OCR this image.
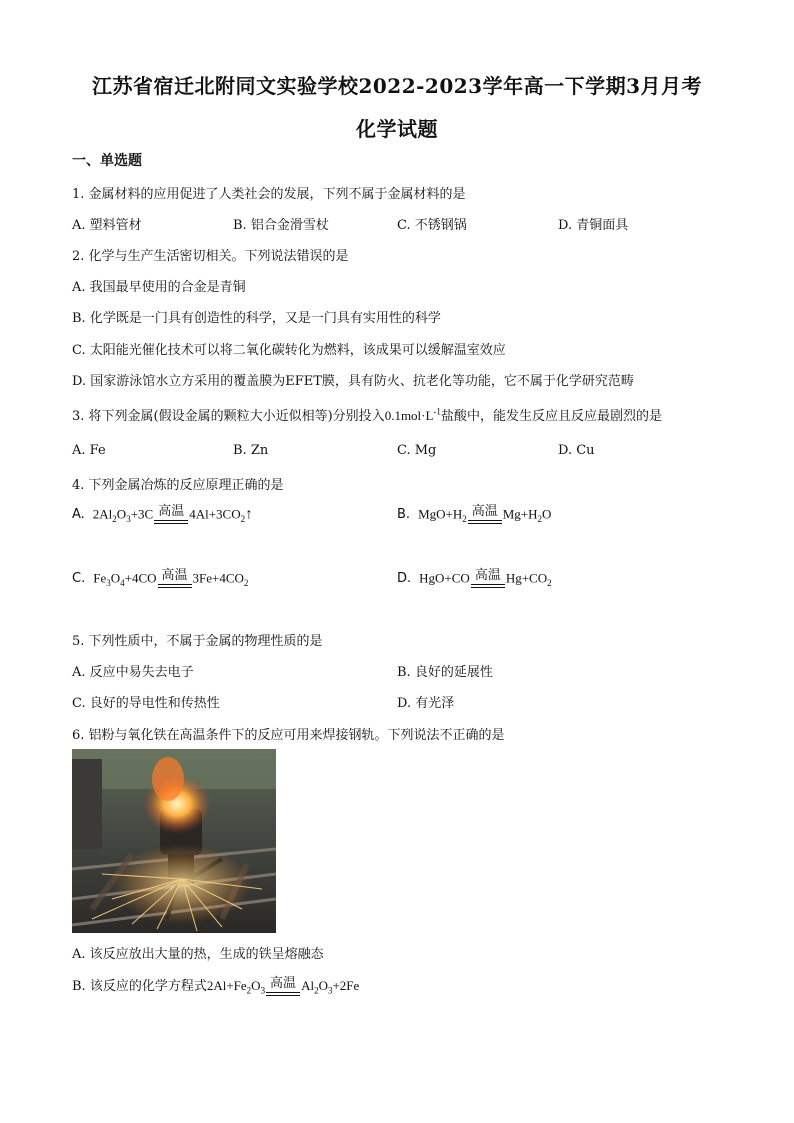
江苏省宿迁北附同文实验学校2022-2023学年高一下学期3月月考
化学试题
一、单选题
1. 金属材料的应用促进了人类社会的发展，下列不属于金属材料的是
A. 塑料管材	B. 铝合金滑雪杖	C. 不锈钢锅	D. 青铜面具
2. 化学与生产生活密切相关。下列说法错误的是
A. 我国最早使用的合金是青铜
B. 化学既是一门具有创造性的科学，又是一门具有实用性的科学
C. 太阳能光催化技术可以将二氧化碳转化为燃料，该成果可以缓解温室效应
D. 国家游泳馆水立方采用的覆盖膜为EFET膜，具有防火、抗老化等功能，它不属于化学研究范畴
3. 将下列金属(假设金属的颗粒大小近似相等)分别投入$0.1mol\cdot L^{-1}$盐酸中，能发生反应且反应最剧烈的是
A. Fe	B. Zn	C. Mg	D. Cu
4. 下列金属冶炼的反应原理正确的是
A. $2Al_2O_3+3C$ 高温 $4Al+3CO_2↑$	B. $MgO+H_2$ 高温 $Mg+H_2O$
C. $Fe_3O_4+4CO$ 高温 $3Fe+4CO_2$	D. HgO+CO 高温 $Hg+CO_2$
5. 下列性质中，不属于金属的物理性质的是
A. 反应中易失去电子	B. 良好的延展性
C. 良好的导电性和传热性	D. 有光泽
6. 铝粉与氧化铁在高温条件下的反应可用来焊接钢轨。下列说法不正确的是
A. 该反应放出大量的热，生成的铁呈熔融态
B. 该反应的化学方程式$2Al+Fe_2O_3$ 高温 $Al_2O_3+2Fe$
